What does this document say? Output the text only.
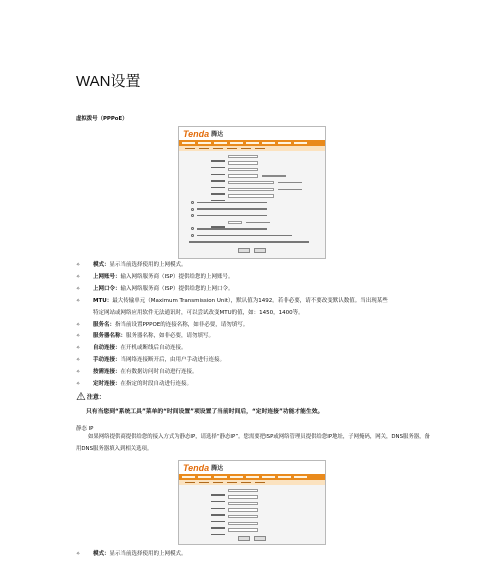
WAN设置
虚拟拨号（PPPoE）
Tenda 腾达
✧	模式：显示当前选择使用的上网模式。
✧	上网账号：输入网络服务商（ISP）提供给您的上网账号。
✧	上网口令：输入网络服务商（ISP）提供给您的上网口令。
✧	MTU：最大传输单元（Maximum Transmission Unit），默认值为1492。若非必要，请不要改变默认数值。当出现某些
特定网站或网络应用软件无法通讯时，可以尝试改变MTU的值，如：1450，1400等。
✧	服务名：指当前设置PPPOE的连接名称，如非必要，请勿填写。
✧	服务器名称：服务器名称，如非必要，请勿填写。
✧	自动连接：在开机或断线后自动连接。
✧	手动连接：当网络连接断开后，由用户手动进行连接。
✧	按需连接：在有数据访问时自动进行连接。
✧	定时连接：在指定的时段自动进行连接。
⚠ 注意：
只有当您到“系统工具”菜单的“时间设置”项设置了当前时间后，“定时连接”功能才能生效。
静态 IP
如果网络提供商提供给您的接入方式为静态IP，请选择“静态IP”。您需要把ISP或网络管理员提供给您IP地址，子网掩码，网关，DNS服务器，备用DNS服务器填入到相关选项。
Tenda 腾达
✧	模式：显示当前选择使用的上网模式。
